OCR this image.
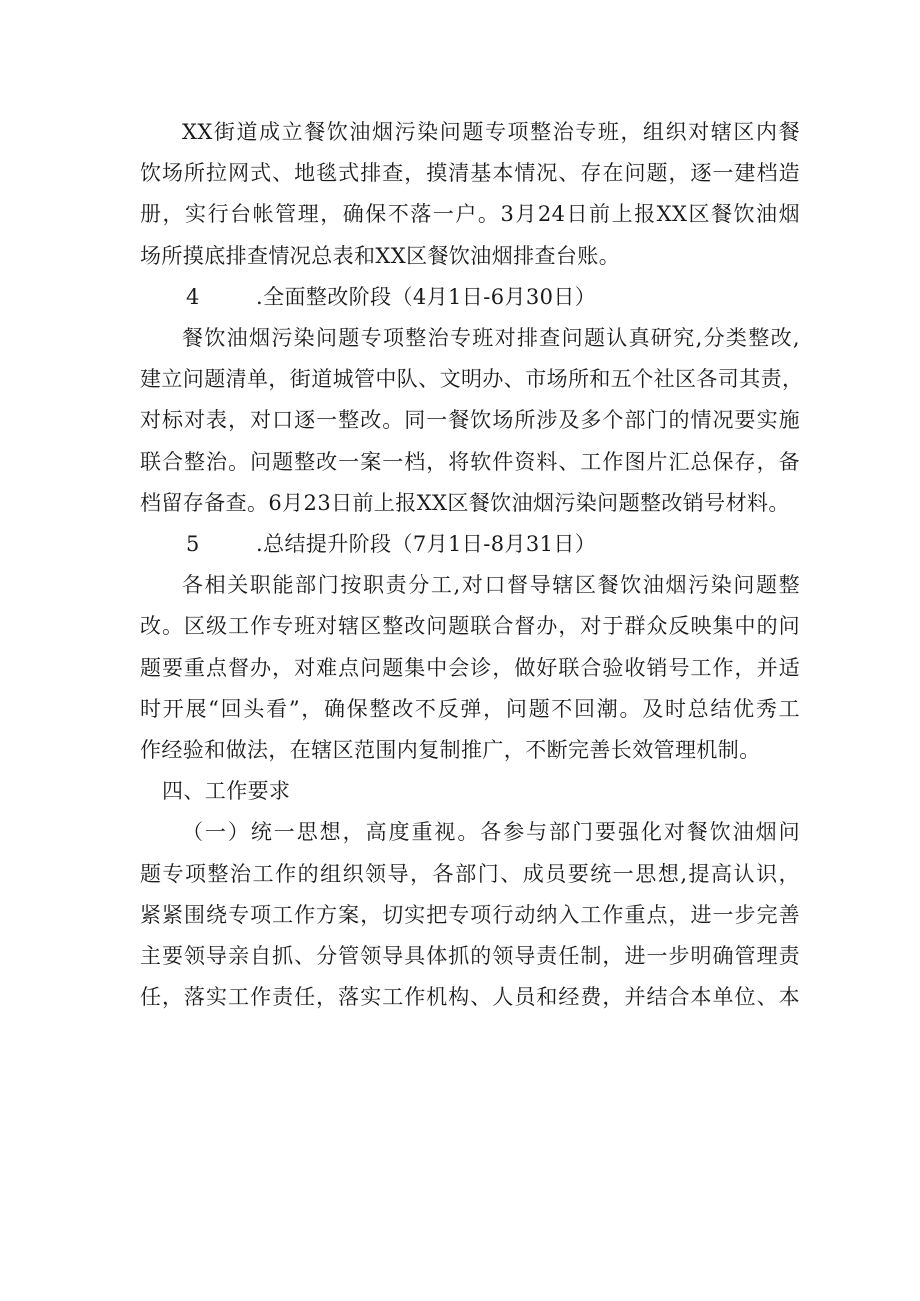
XX街道成立餐饮油烟污染问题专项整治专班，组织对辖区内餐
饮场所拉网式、地毯式排查，摸清基本情况、存在问题，逐一建档造
册，实行台帐管理，确保不落一户。3月24日前上报XX区餐饮油烟
场所摸底排查情况总表和XX区餐饮油烟排查台账。

4	.全面整改阶段（4月1日-6月30日）

餐饮油烟污染问题专项整治专班对排查问题认真研究,分类整改,
建立问题清单，街道城管中队、文明办、市场所和五个社区各司其责，
对标对表，对口逐一整改。同一餐饮场所涉及多个部门的情况要实施
联合整治。问题整改一案一档，将软件资料、工作图片汇总保存，备
档留存备查。6月23日前上报XX区餐饮油烟污染问题整改销号材料。

5	.总结提升阶段（7月1日-8月31日）

各相关职能部门按职责分工,对口督导辖区餐饮油烟污染问题整
改。区级工作专班对辖区整改问题联合督办，对于群众反映集中的问
题要重点督办，对难点问题集中会诊，做好联合验收销号工作，并适
时开展“回头看”，确保整改不反弹，问题不回潮。及时总结优秀工
作经验和做法，在辖区范围内复制推广，不断完善长效管理机制。

四、工作要求

（一）统一思想，高度重视。各参与部门要强化对餐饮油烟问
题专项整治工作的组织领导，各部门、成员要统一思想,提高认识，
紧紧围绕专项工作方案，切实把专项行动纳入工作重点，进一步完善
主要领导亲自抓、分管领导具体抓的领导责任制，进一步明确管理责
任，落实工作责任，落实工作机构、人员和经费，并结合本单位、本
